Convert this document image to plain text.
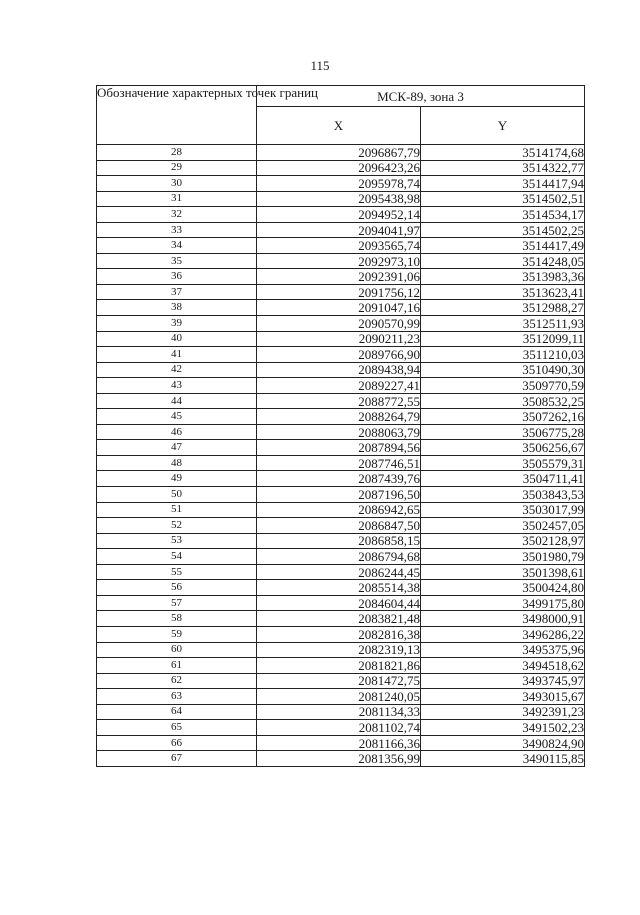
115
Обозначение характерных точек границ	МСК-89, зона 3	
	X	Y
28	2096867,79	3514174,68
29	2096423,26	3514322,77
30	2095978,74	3514417,94
31	2095438,98	3514502,51
32	2094952,14	3514534,17
33	2094041,97	3514502,25
34	2093565,74	3514417,49
35	2092973,10	3514248,05
36	2092391,06	3513983,36
37	2091756,12	3513623,41
38	2091047,16	3512988,27
39	2090570,99	3512511,93
40	2090211,23	3512099,11
41	2089766,90	3511210,03
42	2089438,94	3510490,30
43	2089227,41	3509770,59
44	2088772,55	3508532,25
45	2088264,79	3507262,16
46	2088063,79	3506775,28
47	2087894,56	3506256,67
48	2087746,51	3505579,31
49	2087439,76	3504711,41
50	2087196,50	3503843,53
51	2086942,65	3503017,99
52	2086847,50	3502457,05
53	2086858,15	3502128,97
54	2086794,68	3501980,79
55	2086244,45	3501398,61
56	2085514,38	3500424,80
57	2084604,44	3499175,80
58	2083821,48	3498000,91
59	2082816,38	3496286,22
60	2082319,13	3495375,96
61	2081821,86	3494518,62
62	2081472,75	3493745,97
63	2081240,05	3493015,67
64	2081134,33	3492391,23
65	2081102,74	3491502,23
66	2081166,36	3490824,90
67	2081356,99	3490115,85
